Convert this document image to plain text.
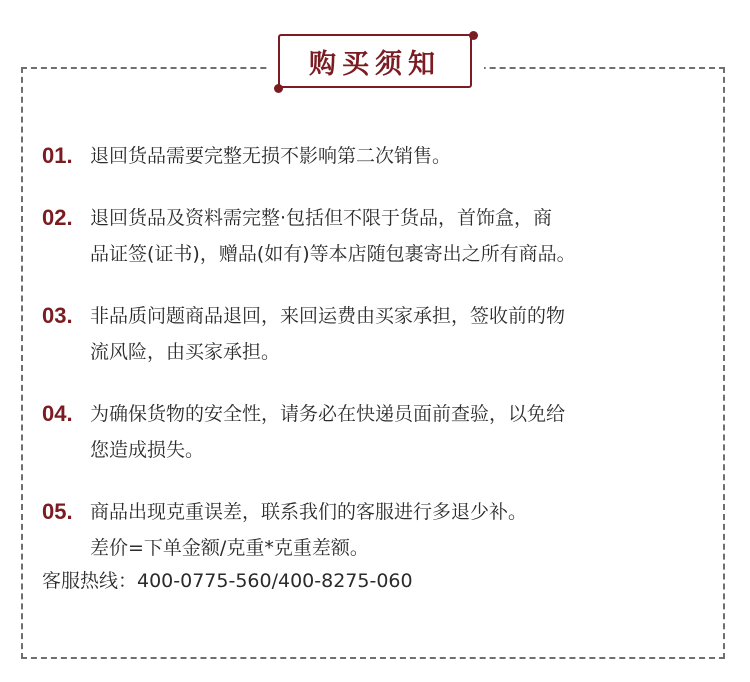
购买须知
01. 退回货品需要完整无损不影响第二次销售。
02. 退回货品及资料需完整·包括但不限于货品，首饰盒，商
品证签(证书)，赠品(如有)等本店随包裹寄出之所有商品。
03. 非品质问题商品退回，来回运费由买家承担，签收前的物
流风险，由买家承担。
04. 为确保货物的安全性，请务必在快递员面前查验，以免给
您造成损失。
05. 商品出现克重误差，联系我们的客服进行多退少补。
差价=下单金额/克重*克重差额。
客服热线：400-0775-560/400-8275-060
